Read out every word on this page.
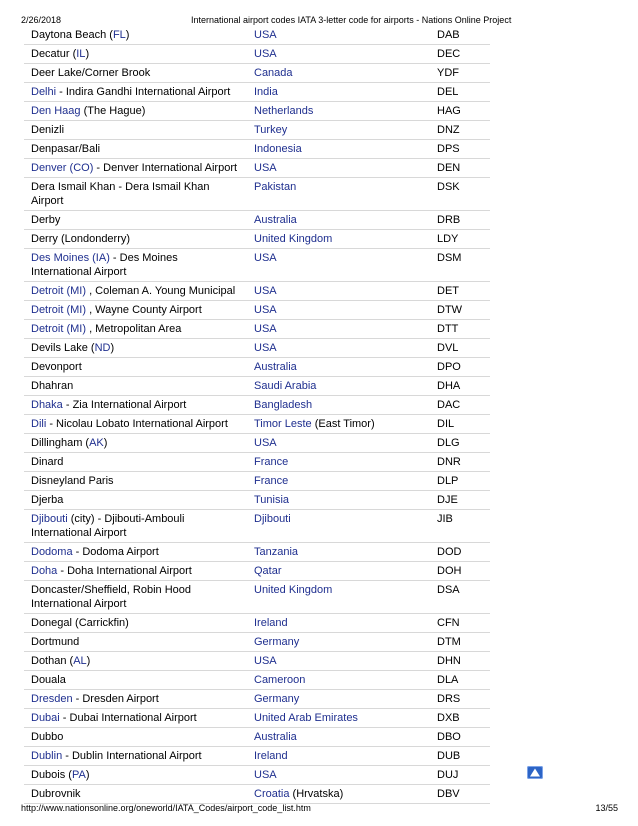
2/26/2018	International airport codes IATA 3-letter code for airports - Nations Online Project
Daytona Beach (FL)	USA	DAB
Decatur (IL)	USA	DEC
Deer Lake/Corner Brook	Canada	YDF
Delhi - Indira Gandhi International Airport	India	DEL
Den Haag (The Hague)	Netherlands	HAG
Denizli	Turkey	DNZ
Denpasar/Bali	Indonesia	DPS
Denver (CO) - Denver International Airport	USA	DEN
Dera Ismail Khan - Dera Ismail Khan Airport	Pakistan	DSK
Derby	Australia	DRB
Derry (Londonderry)	United Kingdom	LDY
Des Moines (IA) - Des Moines International Airport	USA	DSM
Detroit (MI) , Coleman A. Young Municipal	USA	DET
Detroit (MI) , Wayne County Airport	USA	DTW
Detroit (MI) , Metropolitan Area	USA	DTT
Devils Lake (ND)	USA	DVL
Devonport	Australia	DPO
Dhahran	Saudi Arabia	DHA
Dhaka - Zia International Airport	Bangladesh	DAC
Dili - Nicolau Lobato International Airport	Timor Leste (East Timor)	DIL
Dillingham (AK)	USA	DLG
Dinard	France	DNR
Disneyland Paris	France	DLP
Djerba	Tunisia	DJE
Djibouti (city) - Djibouti-Ambouli International Airport	Djibouti	JIB
Dodoma - Dodoma Airport	Tanzania	DOD
Doha - Doha International Airport	Qatar	DOH
Doncaster/Sheffield, Robin Hood International Airport	United Kingdom	DSA
Donegal (Carrickfin)	Ireland	CFN
Dortmund	Germany	DTM
Dothan (AL)	USA	DHN
Douala	Cameroon	DLA
Dresden - Dresden Airport	Germany	DRS
Dubai - Dubai International Airport	United Arab Emirates	DXB
Dubbo	Australia	DBO
Dublin - Dublin International Airport	Ireland	DUB
Dubois (PA)	USA	DUJ
Dubrovnik	Croatia (Hrvatska)	DBV
http://www.nationsonline.org/oneworld/IATA_Codes/airport_code_list.htm	13/55
